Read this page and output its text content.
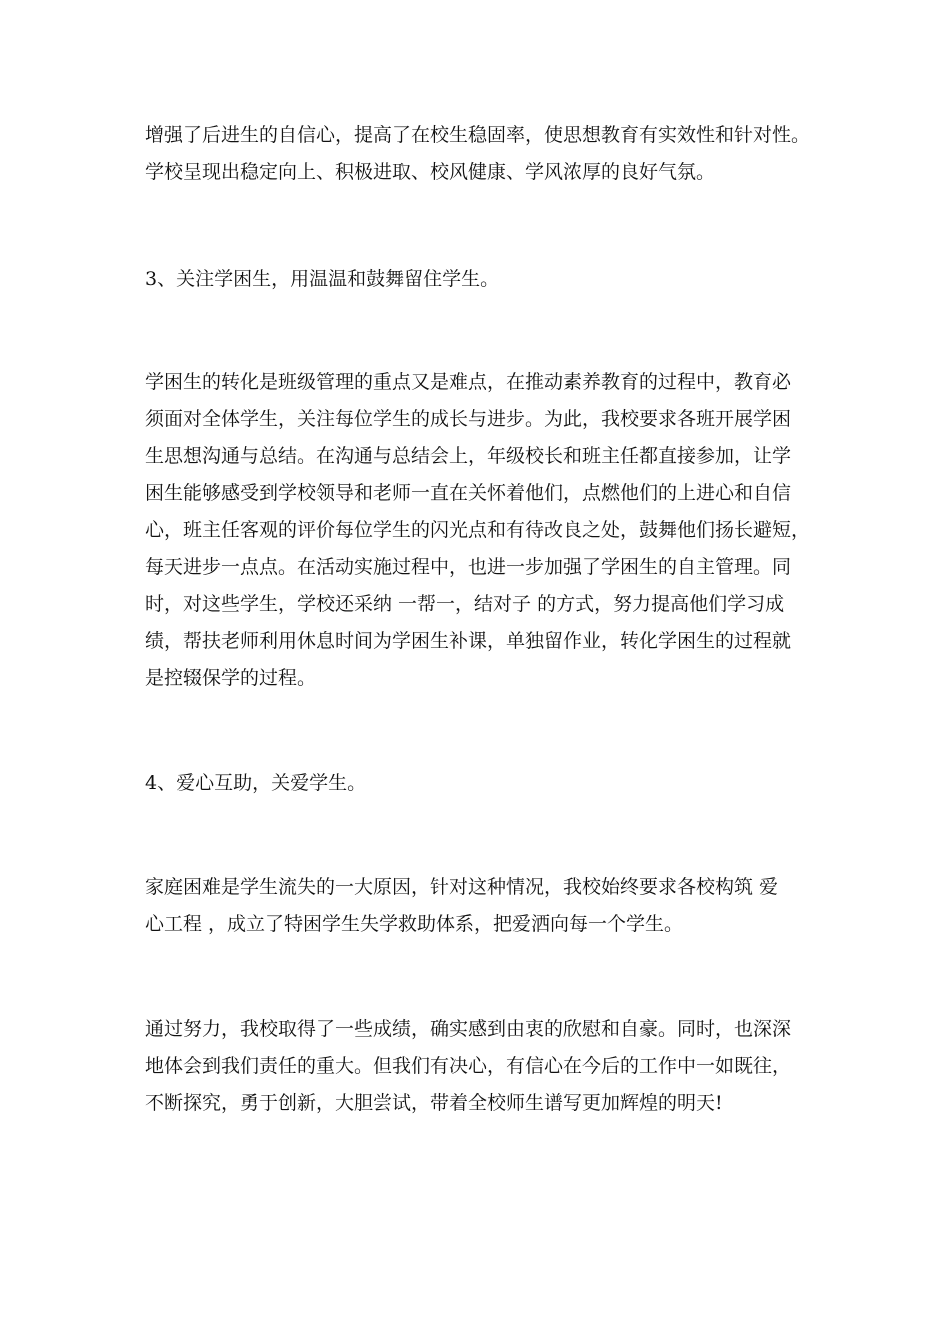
增强了后进生的自信心，提高了在校生稳固率，使思想教育有实效性和针对性。
学校呈现出稳定向上、积极进取、校风健康、学风浓厚的良好气氛。
3、关注学困生，用温温和鼓舞留住学生。
学困生的转化是班级管理的重点又是难点，在推动素养教育的过程中，教育必
须面对全体学生，关注每位学生的成长与进步。为此，我校要求各班开展学困
生思想沟通与总结。在沟通与总结会上，年级校长和班主任都直接参加，让学
困生能够感受到学校领导和老师一直在关怀着他们，点燃他们的上进心和自信
心，班主任客观的评价每位学生的闪光点和有待改良之处，鼓舞他们扬长避短，
每天进步一点点。在活动实施过程中，也进一步加强了学困生的自主管理。同
时，对这些学生，学校还采纳 一帮一，结对子 的方式，努力提高他们学习成
绩，帮扶老师利用休息时间为学困生补课，单独留作业，转化学困生的过程就
是控辍保学的过程。
4、爱心互助，关爱学生。
家庭困难是学生流失的一大原因，针对这种情况，我校始终要求各校构筑 爱
心工程 ，成立了特困学生失学救助体系，把爱洒向每一个学生。
通过努力，我校取得了一些成绩，确实感到由衷的欣慰和自豪。同时，也深深
地体会到我们责任的重大。但我们有决心，有信心在今后的工作中一如既往，
不断探究，勇于创新，大胆尝试，带着全校师生谱写更加辉煌的明天!
